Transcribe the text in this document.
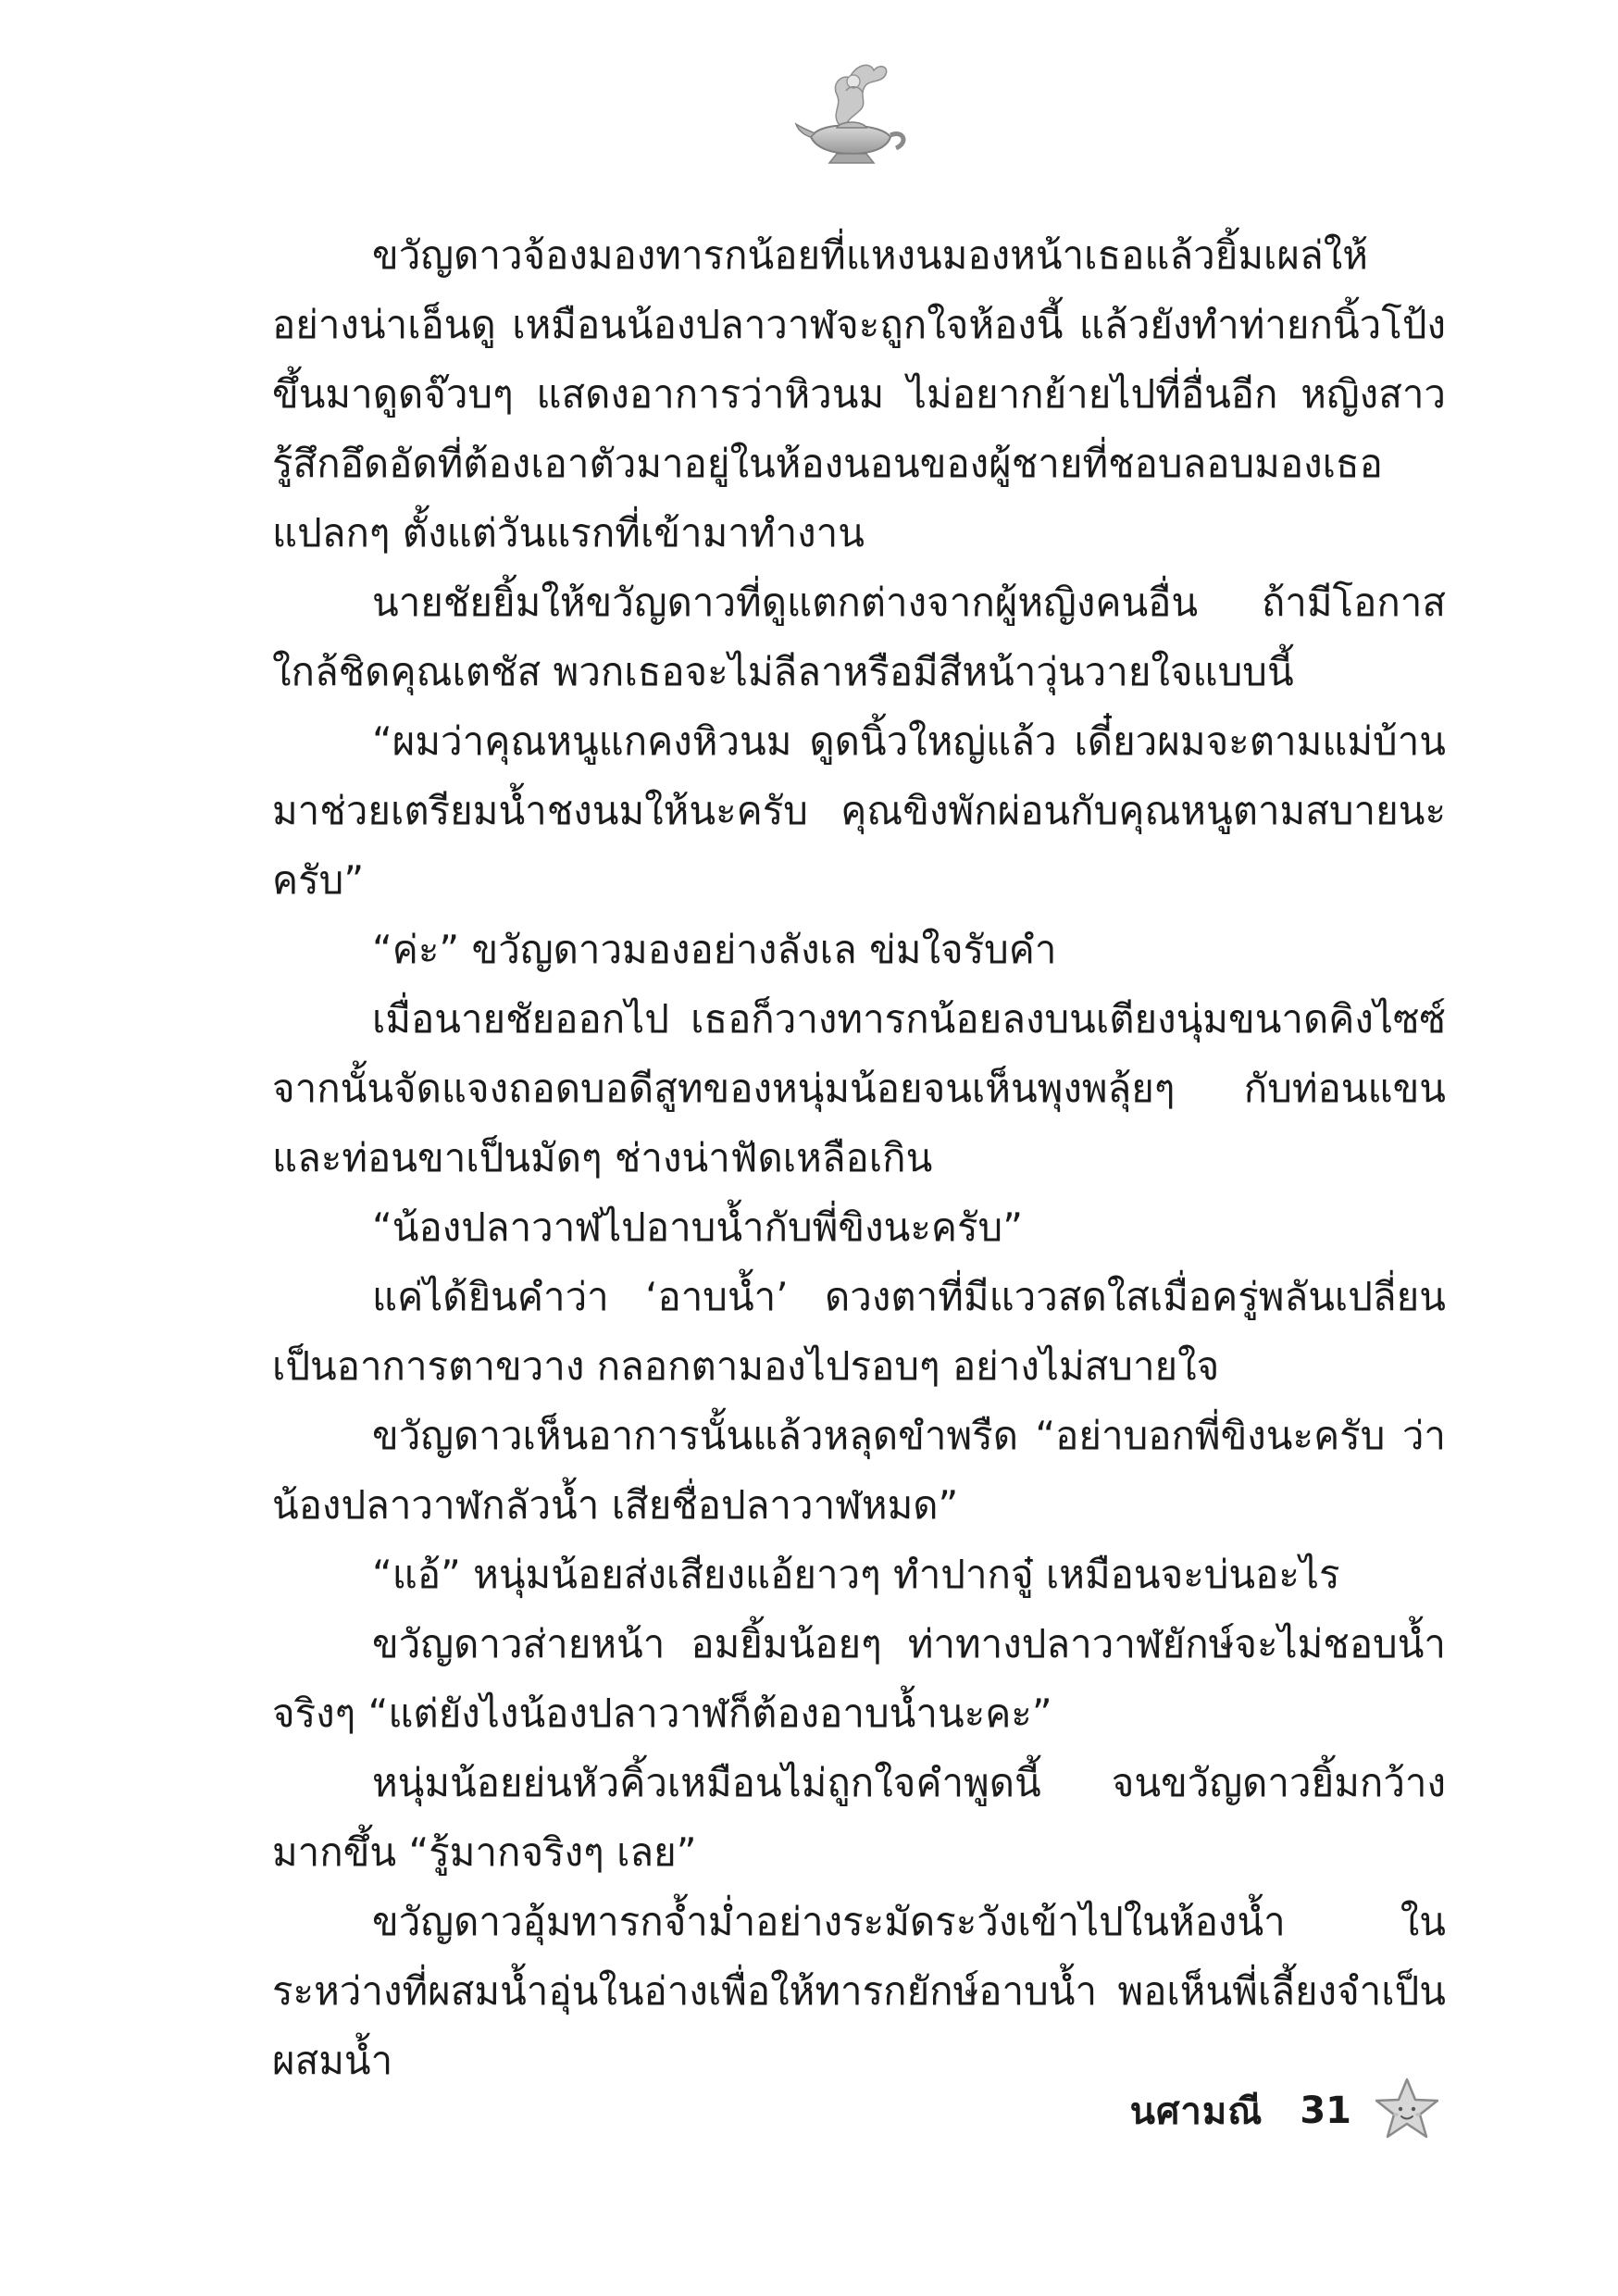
ขวัญดาวจ้องมองทารกน้อยที่แหงนมองหน้าเธอแล้วยิ้มเผล่ให้อย่างน่าเอ็นดู เหมือนน้องปลาวาฬจะถูกใจห้องนี้ แล้วยังทำท่ายกนิ้วโป้งขึ้นมาดูดจ๊วบๆ แสดงอาการว่าหิวนม ไม่อยากย้ายไปที่อื่นอีก หญิงสาวรู้สึกอึดอัดที่ต้องเอาตัวมาอยู่ในห้องนอนของผู้ชายที่ชอบลอบมองเธอแปลกๆ ตั้งแต่วันแรกที่เข้ามาทำงาน

นายชัยยิ้มให้ขวัญดาวที่ดูแตกต่างจากผู้หญิงคนอื่น ถ้ามีโอกาสใกล้ชิดคุณเตชัส พวกเธอจะไม่ลีลาหรือมีสีหน้าวุ่นวายใจแบบนี้

“ผมว่าคุณหนูแกคงหิวนม ดูดนิ้วใหญ่แล้ว เดี๋ยวผมจะตามแม่บ้านมาช่วยเตรียมน้ำชงนมให้นะครับ คุณขิงพักผ่อนกับคุณหนูตามสบายนะครับ”

“ค่ะ” ขวัญดาวมองอย่างลังเล ข่มใจรับคำ

เมื่อนายชัยออกไป เธอก็วางทารกน้อยลงบนเตียงนุ่มขนาดคิงไซซ์ จากนั้นจัดแจงถอดบอดีสูทของหนุ่มน้อยจนเห็นพุงพลุ้ยๆ กับท่อนแขนและท่อนขาเป็นมัดๆ ช่างน่าฟัดเหลือเกิน

“น้องปลาวาฬไปอาบน้ำกับพี่ขิงนะครับ”

แค่ได้ยินคำว่า ‘อาบน้ำ’ ดวงตาที่มีแววสดใสเมื่อครู่พลันเปลี่ยนเป็นอาการตาขวาง กลอกตามองไปรอบๆ อย่างไม่สบายใจ

ขวัญดาวเห็นอาการนั้นแล้วหลุดขำพรืด “อย่าบอกพี่ขิงนะครับ ว่าน้องปลาวาฬกลัวน้ำ เสียชื่อปลาวาฬหมด”

“แอ้” หนุ่มน้อยส่งเสียงแอ้ยาวๆ ทำปากจู๋ เหมือนจะบ่นอะไร

ขวัญดาวส่ายหน้า อมยิ้มน้อยๆ ท่าทางปลาวาฬยักษ์จะไม่ชอบน้ำจริงๆ “แต่ยังไงน้องปลาวาฬก็ต้องอาบน้ำนะคะ”

หนุ่มน้อยย่นหัวคิ้วเหมือนไม่ถูกใจคำพูดนี้ จนขวัญดาวยิ้มกว้างมากขึ้น “รู้มากจริงๆ เลย”

ขวัญดาวอุ้มทารกจ้ำม่ำอย่างระมัดระวังเข้าไปในห้องน้ำ ในระหว่างที่ผสมน้ำอุ่นในอ่างเพื่อให้ทารกยักษ์อาบน้ำ พอเห็นพี่เลี้ยงจำเป็นผสมน้ำ

นศามณี 31
